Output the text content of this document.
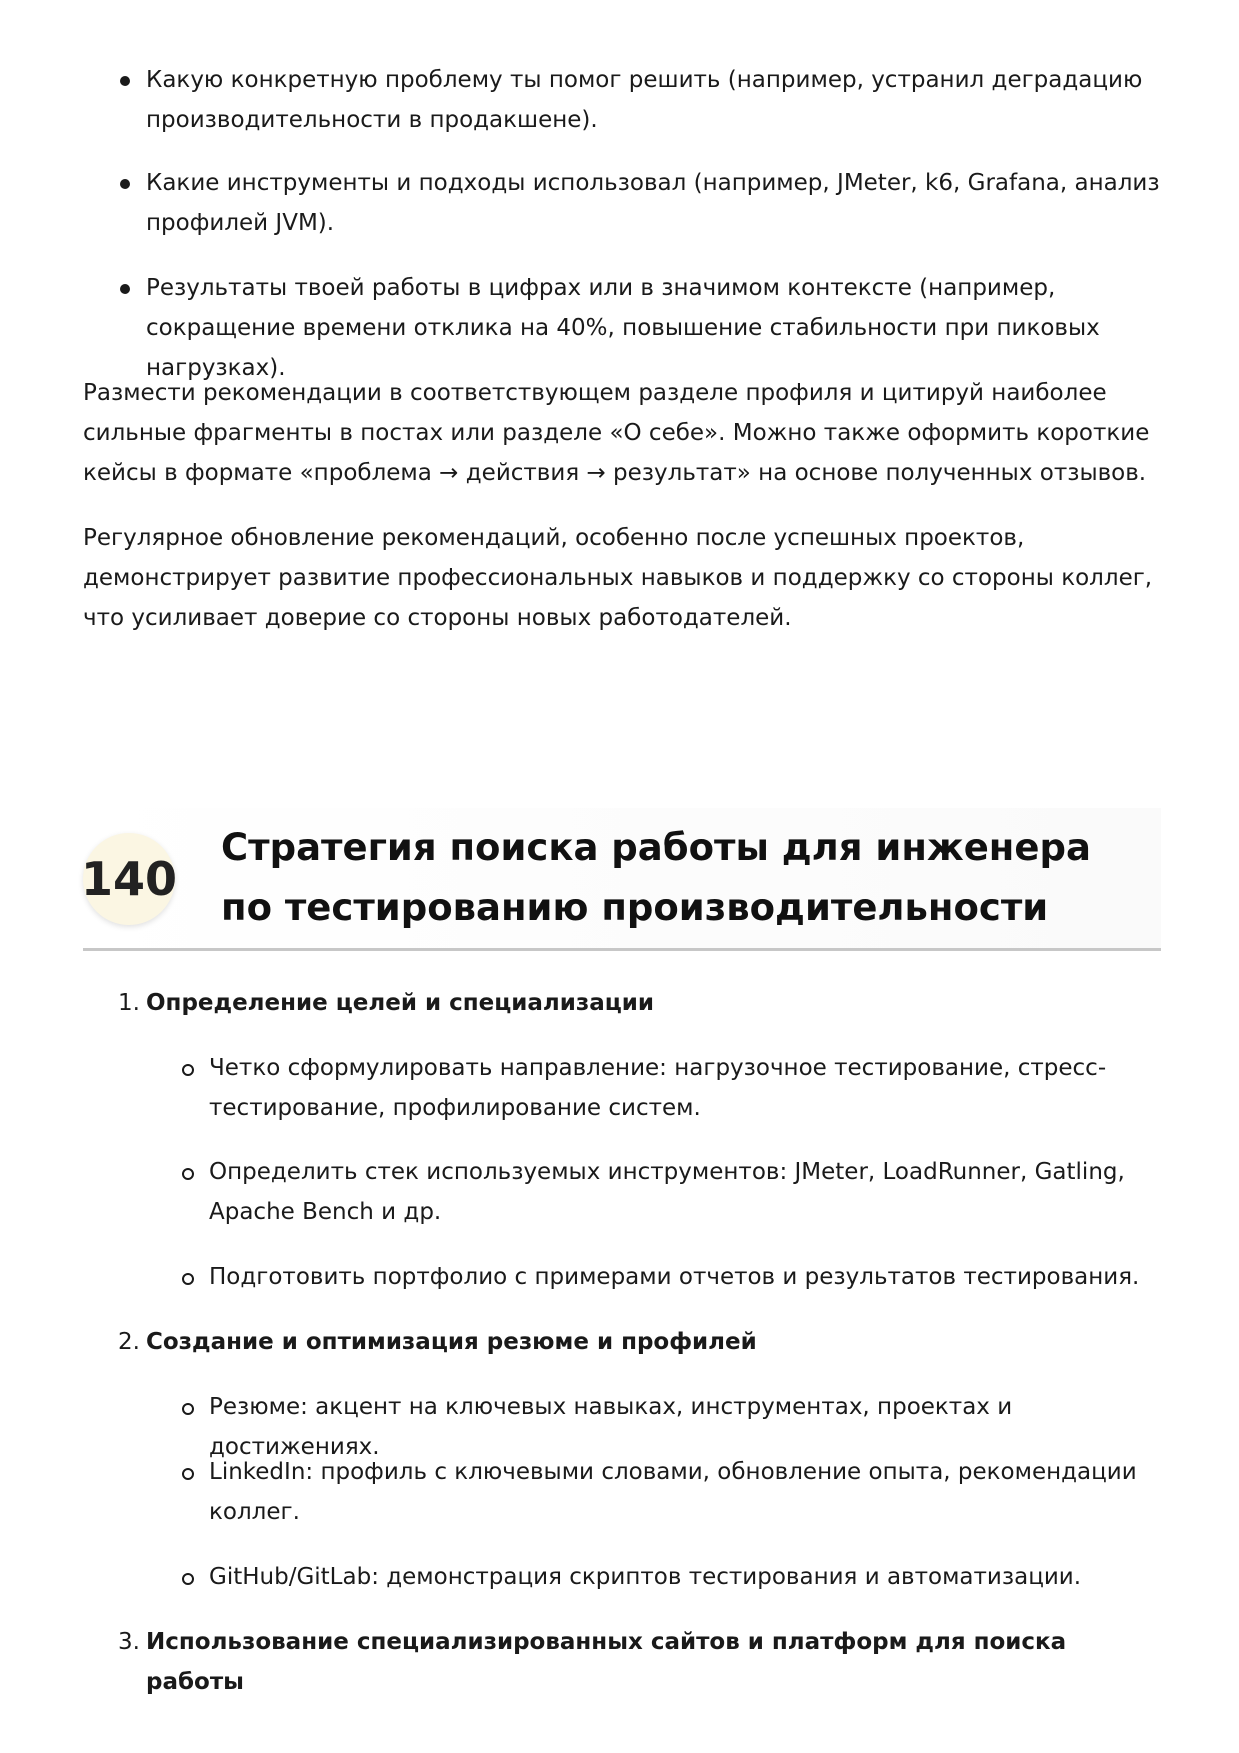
Какую конкретную проблему ты помог решить (например, устранил деградацию производительности в продакшене).
Какие инструменты и подходы использовал (например, JMeter, k6, Grafana, анализ профилей JVM).
Результаты твоей работы в цифрах или в значимом контексте (например, сокращение времени отклика на 40%, повышение стабильности при пиковых нагрузках).
Размести рекомендации в соответствующем разделе профиля и цитируй наиболее сильные фрагменты в постах или разделе «О себе». Можно также оформить короткие кейсы в формате «проблема → действия → результат» на основе полученных отзывов.
Регулярное обновление рекомендаций, особенно после успешных проектов, демонстрирует развитие профессиональных навыков и поддержку со стороны коллег, что усиливает доверие со стороны новых работодателей.
140
Стратегия поиска работы для инженера по тестированию производительности
1. Определение целей и специализации
Четко сформулировать направление: нагрузочное тестирование, стресс-тестирование, профилирование систем.
Определить стек используемых инструментов: JMeter, LoadRunner, Gatling, Apache Bench и др.
Подготовить портфолио с примерами отчетов и результатов тестирования.
2. Создание и оптимизация резюме и профилей
Резюме: акцент на ключевых навыках, инструментах, проектах и достижениях.
LinkedIn: профиль с ключевыми словами, обновление опыта, рекомендации коллег.
GitHub/GitLab: демонстрация скриптов тестирования и автоматизации.
3. Использование специализированных сайтов и платформ для поиска работы
